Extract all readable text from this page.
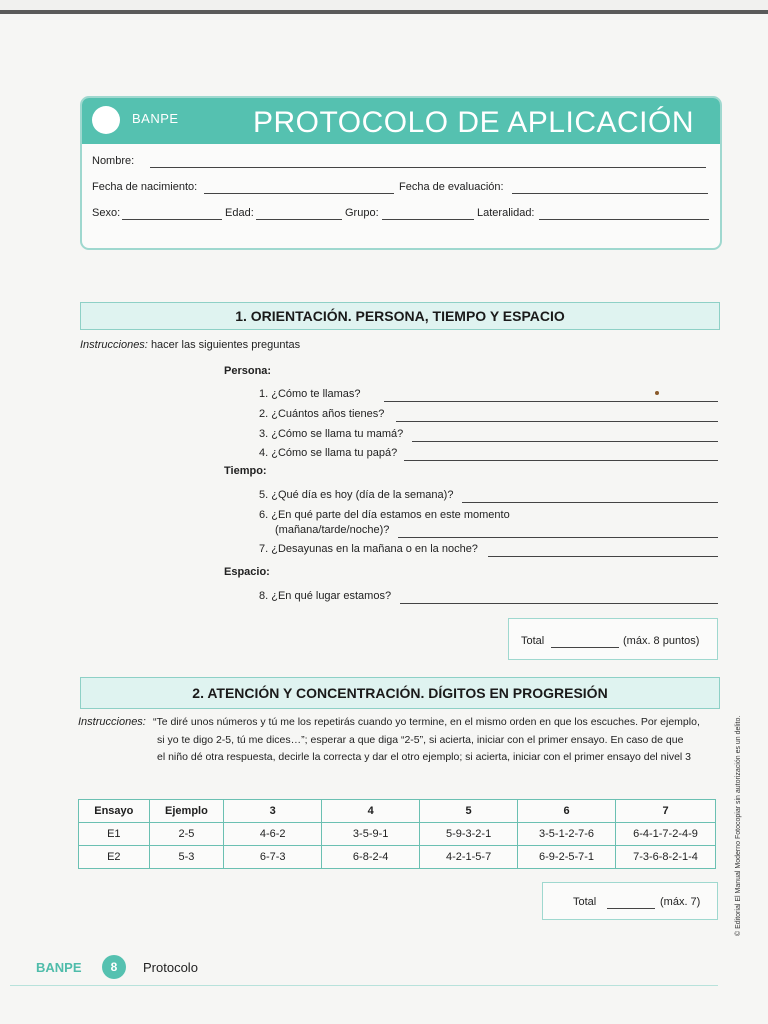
BANPE PROTOCOLO DE APLICACIÓN
Nombre:
Fecha de nacimiento:	Fecha de evaluación:
Sexo:	Edad:	Grupo:	Lateralidad:
1. ORIENTACIÓN. PERSONA, TIEMPO Y ESPACIO
Instrucciones: hacer las siguientes preguntas
Persona:
1. ¿Cómo te llamas?
2. ¿Cuántos años tienes?
3. ¿Cómo se llama tu mamá?
4. ¿Cómo se llama tu papá?
Tiempo:
5. ¿Qué día es hoy (día de la semana)?
6. ¿En qué parte del día estamos en este momento
(mañana/tarde/noche)?
7. ¿Desayunas en la mañana o en la noche?
Espacio:
8. ¿En qué lugar estamos?
Total	(máx. 8 puntos)
2. ATENCIÓN Y CONCENTRACIÓN. DÍGITOS EN PROGRESIÓN
Instrucciones: “Te diré unos números y tú me los repetirás cuando yo termine, en el mismo orden en que los escuches. Por ejemplo,
si yo te digo 2-5, tú me dices…”; esperar a que diga “2-5”, si acierta, iniciar con el primer ensayo. En caso de que
el niño dé otra respuesta, decirle la correcta y dar el otro ejemplo; si acierta, iniciar con el primer ensayo del nivel 3
Ensayo	Ejemplo	3	4	5	6	7
E1	2-5	4-6-2	3-5-9-1	5-9-3-2-1	3-5-1-2-7-6	6-4-1-7-2-4-9
E2	5-3	6-7-3	6-8-2-4	4-2-1-5-7	6-9-2-5-7-1	7-3-6-8-2-1-4
Total	(máx. 7)
BANPE	8	Protocolo
© Editorial El Manual Moderno Fotocopiar sin autorización es un delito.
